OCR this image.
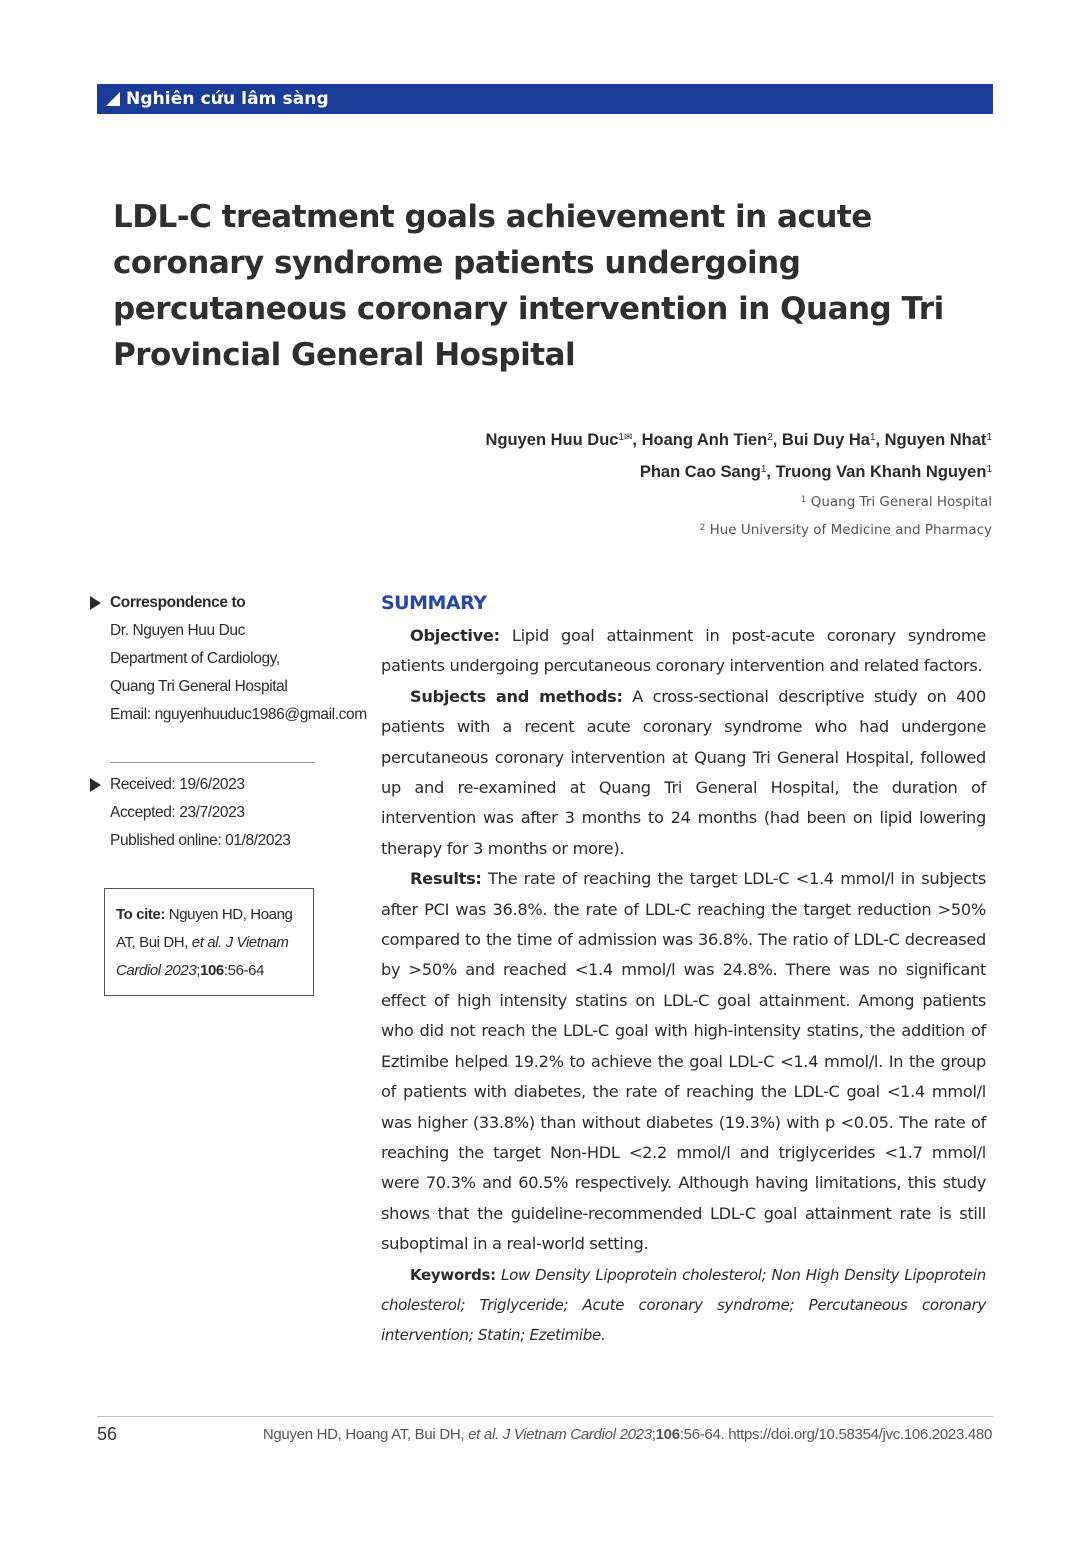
Nghiên cứu lâm sàng
LDL-C treatment goals achievement in acute coronary syndrome patients undergoing percutaneous coronary intervention in Quang Tri Provincial General Hospital
Nguyen Huu Duc$^{1✉}$, Hoang Anh Tien$^2$, Bui Duy Ha$^1$, Nguyen Nhat$^1$
Phan Cao Sang$^1$, Truong Van Khanh Nguyen$^1$
$^1$ Quang Tri General Hospital
$^2$ Hue University of Medicine and Pharmacy
Correspondence to
Dr. Nguyen Huu Duc
Department of Cardiology,
Quang Tri General Hospital
Email: nguyenhuuduc1986@gmail.com
Received: 19/6/2023
Accepted: 23/7/2023
Published online: 01/8/2023
To cite: Nguyen HD, Hoang AT, Bui DH, et al. J Vietnam Cardiol 2023;106:56-64
SUMMARY

Objective: Lipid goal attainment in post-acute coronary syndrome patients undergoing percutaneous coronary intervention and related factors.

Subjects and methods: A cross-sectional descriptive study on 400 patients with a recent acute coronary syndrome who had undergone percutaneous coronary intervention at Quang Tri General Hospital, followed up and re-examined at Quang Tri General Hospital, the duration of intervention was after 3 months to 24 months (had been on lipid lowering therapy for 3 months or more).

Results: The rate of reaching the target LDL-C <1.4 mmol/l in subjects after PCI was 36.8%. the rate of LDL-C reaching the target reduction >50% compared to the time of admission was 36.8%. The ratio of LDL-C decreased by >50% and reached <1.4 mmol/l was 24.8%. There was no significant effect of high intensity statins on LDL-C goal attainment. Among patients who did not reach the LDL-C goal with high-intensity statins, the addition of Eztimibe helped 19.2% to achieve the goal LDL-C <1.4 mmol/l. In the group of patients with diabetes, the rate of reaching the LDL-C goal <1.4 mmol/l was higher (33.8%) than without diabetes (19.3%) with p <0.05. The rate of reaching the target Non-HDL <2.2 mmol/l and triglycerides <1.7 mmol/l were 70.3% and 60.5% respectively. Although having limitations, this study shows that the guideline-recommended LDL-C goal attainment rate is still suboptimal in a real-world setting.

Keywords: Low Density Lipoprotein cholesterol; Non High Density Lipoprotein cholesterol; Triglyceride; Acute coronary syndrome; Percutaneous coronary intervention; Statin; Ezetimibe.

56	Nguyen HD, Hoang AT, Bui DH, et al. J Vietnam Cardiol 2023;106:56-64. https://doi.org/10.58354/jvc.106.2023.480
